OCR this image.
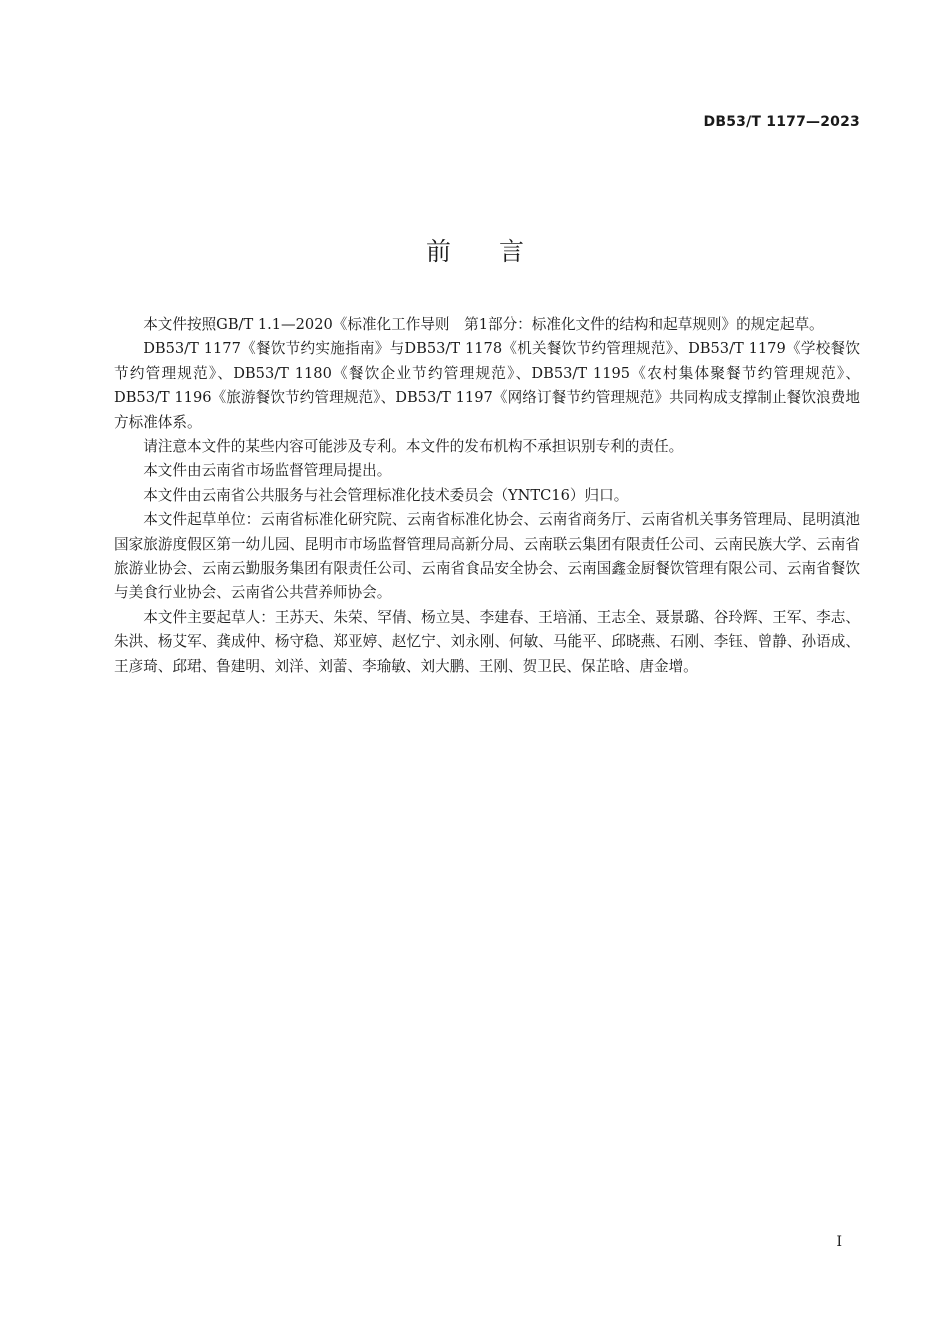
DB53/T 1177—2023
前言

本文件按照GB/T 1.1—2020《标准化工作导则　第1部分：标准化文件的结构和起草规则》的规定起草。

DB53/T 1177《餐饮节约实施指南》与DB53/T 1178《机关餐饮节约管理规范》、DB53/T 1179《学校餐饮节约管理规范》、DB53/T 1180《餐饮企业节约管理规范》、DB53/T 1195《农村集体聚餐节约管理规范》、DB53/T 1196《旅游餐饮节约管理规范》、DB53/T 1197《网络订餐节约管理规范》共同构成支撑制止餐饮浪费地方标准体系。

请注意本文件的某些内容可能涉及专利。本文件的发布机构不承担识别专利的责任。

本文件由云南省市场监督管理局提出。

本文件由云南省公共服务与社会管理标准化技术委员会（YNTC16）归口。

本文件起草单位：云南省标准化研究院、云南省标准化协会、云南省商务厅、云南省机关事务管理局、昆明滇池国家旅游度假区第一幼儿园、昆明市市场监督管理局高新分局、云南联云集团有限责任公司、云南民族大学、云南省旅游业协会、云南云勤服务集团有限责任公司、云南省食品安全协会、云南国鑫金厨餐饮管理有限公司、云南省餐饮与美食行业协会、云南省公共营养师协会。

本文件主要起草人：王苏天、朱荣、罕倩、杨立昊、李建春、王培涌、王志全、聂景璐、谷玲辉、王军、李志、朱洪、杨艾军、龚成仲、杨守稳、郑亚婷、赵忆宁、刘永刚、何敏、马能平、邱晓燕、石刚、李钰、曾静、孙语成、王彦琦、邱珺、鲁建明、刘洋、刘蕾、李瑜敏、刘大鹏、王刚、贺卫民、保芷晗、唐金增。

I
